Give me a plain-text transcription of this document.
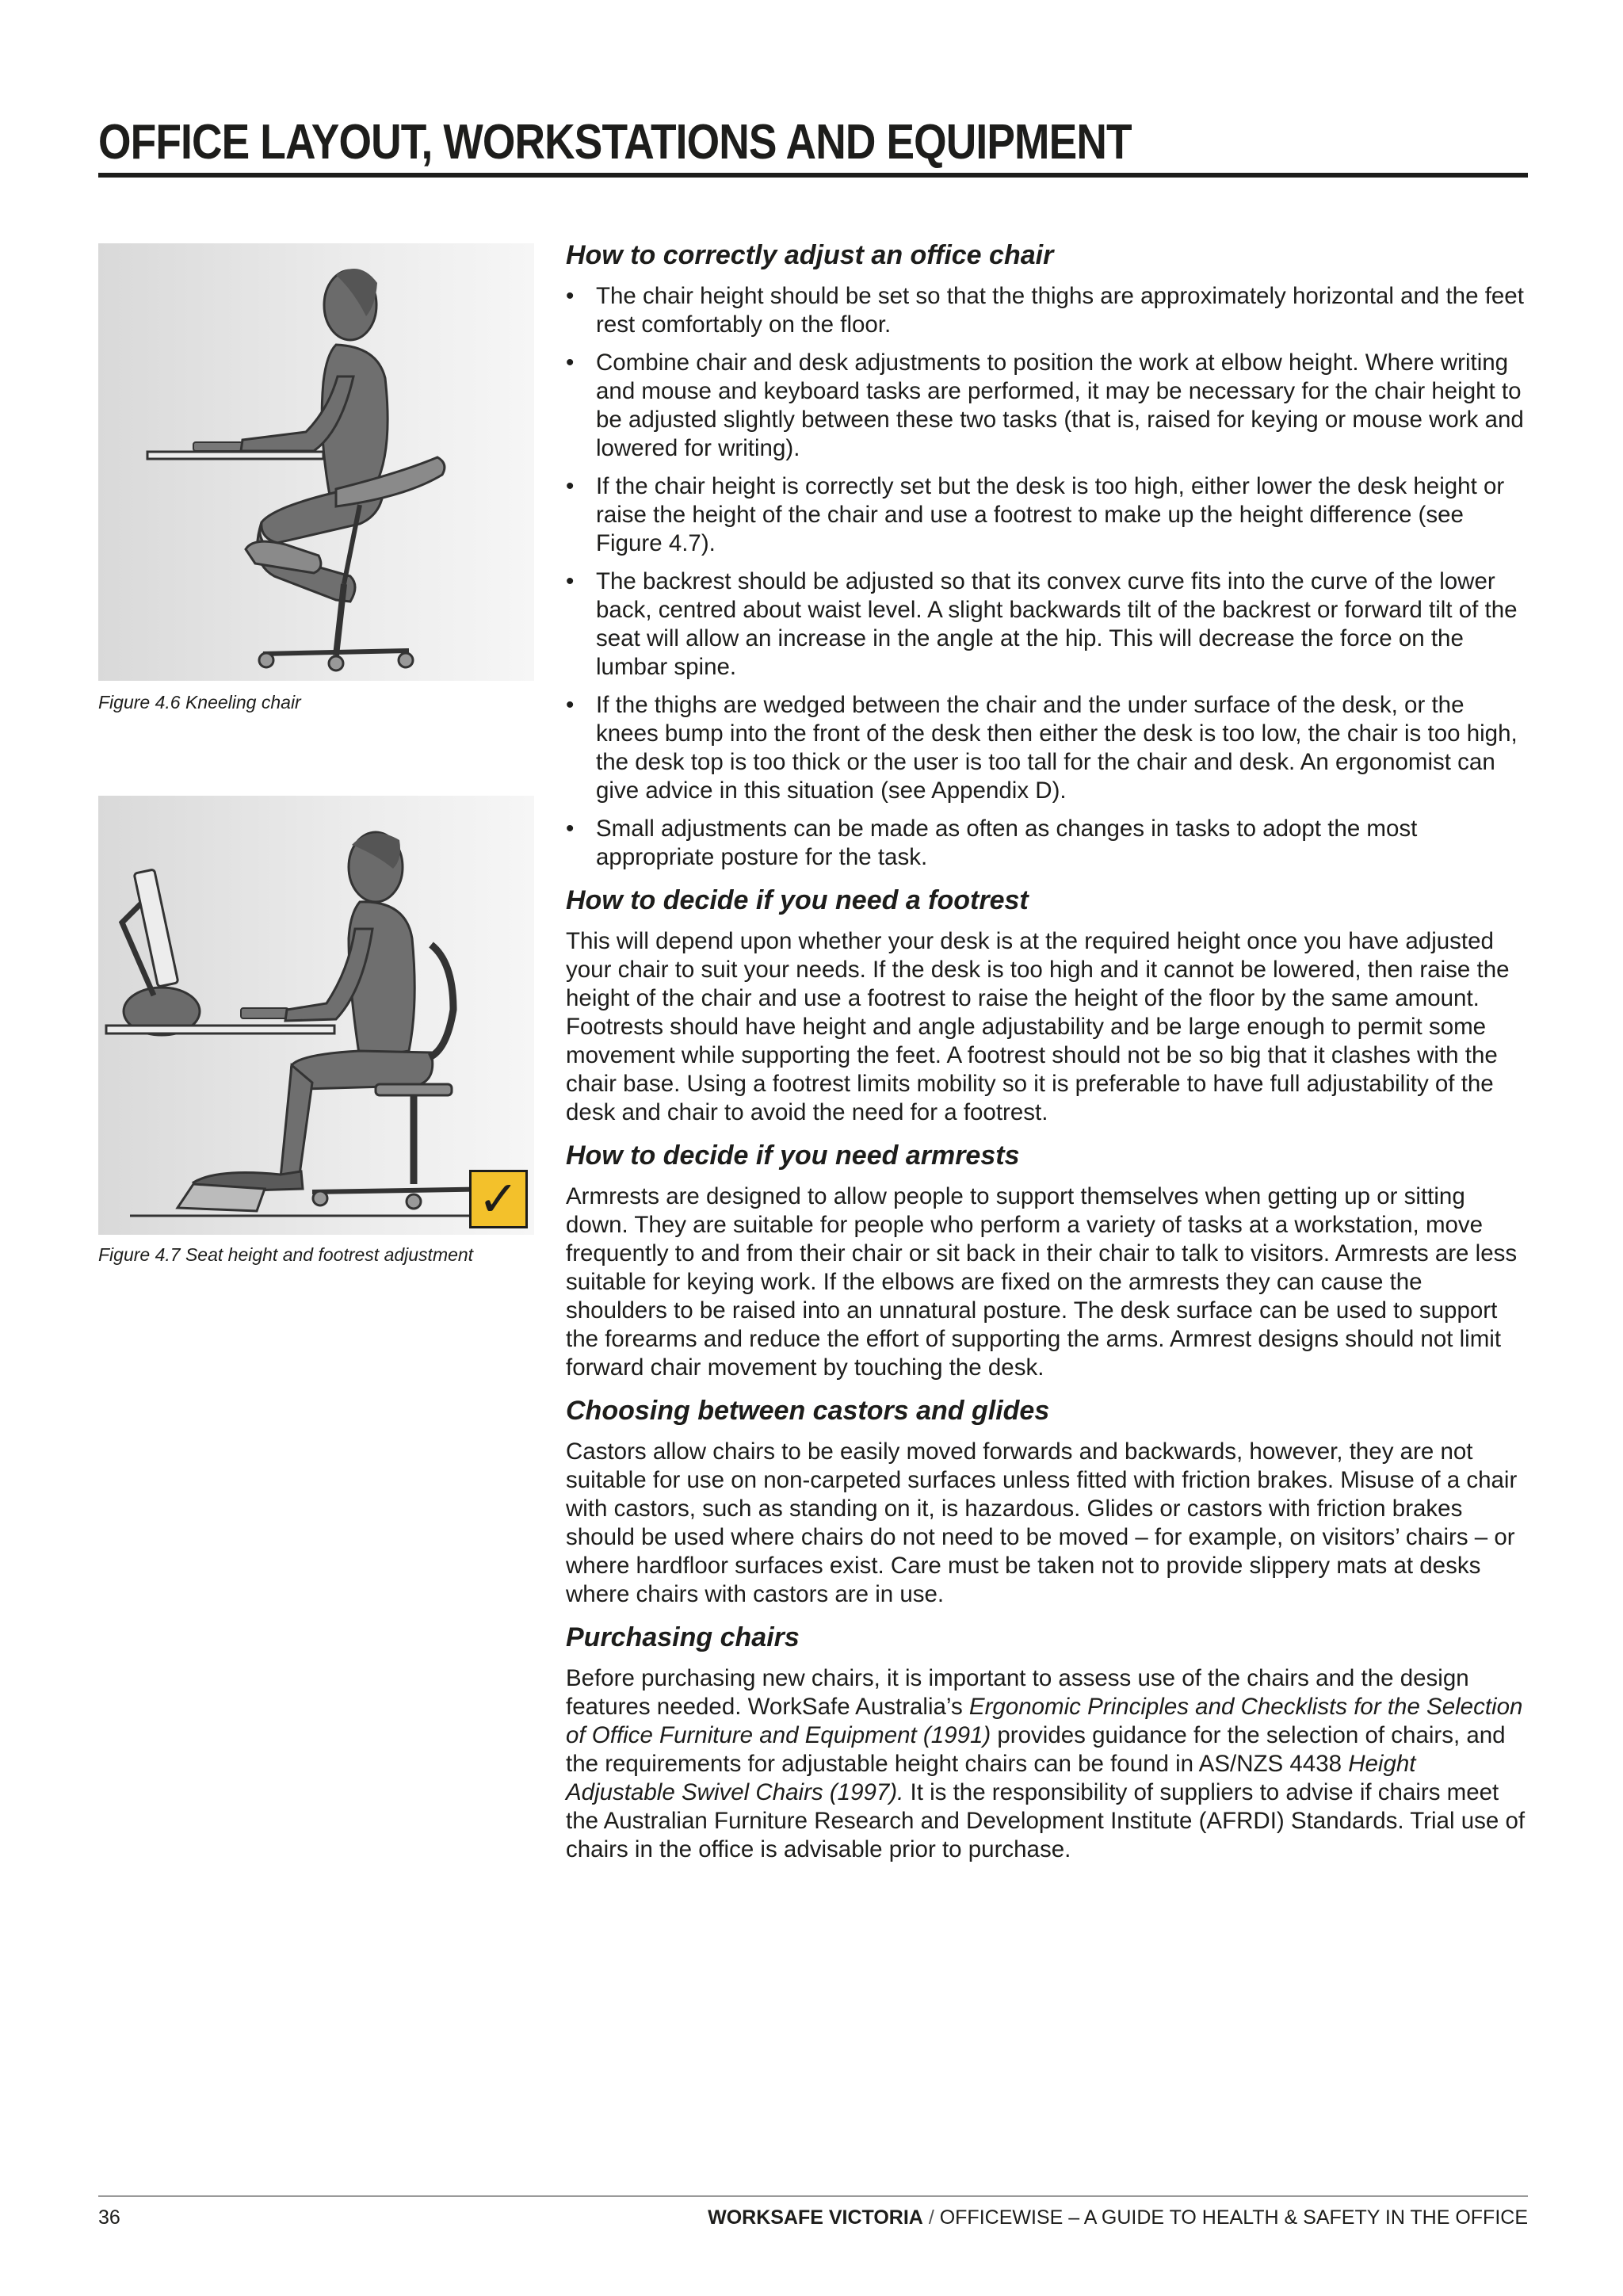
OFFICE LAYOUT, WORKSTATIONS AND EQUIPMENT
Figure 4.6 Kneeling chair
✓
Figure 4.7 Seat height and footrest adjustment
How to correctly adjust an office chair
• The chair height should be set so that the thighs are approximately horizontal and the feet rest comfortably on the floor.
• Combine chair and desk adjustments to position the work at elbow height. Where writing and mouse and keyboard tasks are performed, it may be necessary for the chair height to be adjusted slightly between these two tasks (that is, raised for keying or mouse work and lowered for writing).
• If the chair height is correctly set but the desk is too high, either lower the desk height or raise the height of the chair and use a footrest to make up the height difference (see Figure 4.7).
• The backrest should be adjusted so that its convex curve fits into the curve of the lower back, centred about waist level. A slight backwards tilt of the backrest or forward tilt of the seat will allow an increase in the angle at the hip. This will decrease the force on the lumbar spine.
• If the thighs are wedged between the chair and the under surface of the desk, or the knees bump into the front of the desk then either the desk is too low, the chair is too high, the desk top is too thick or the user is too tall for the chair and desk. An ergonomist can give advice in this situation (see Appendix D).
• Small adjustments can be made as often as changes in tasks to adopt the most appropriate posture for the task.
How to decide if you need a footrest

This will depend upon whether your desk is at the required height once you have adjusted your chair to suit your needs. If the desk is too high and it cannot be lowered, then raise the height of the chair and use a footrest to raise the height of the floor by the same amount. Footrests should have height and angle adjustability and be large enough to permit some movement while supporting the feet. A footrest should not be so big that it clashes with the chair base. Using a footrest limits mobility so it is preferable to have full adjustability of the desk and chair to avoid the need for a footrest.

How to decide if you need armrests

Armrests are designed to allow people to support themselves when getting up or sitting down. They are suitable for people who perform a variety of tasks at a workstation, move frequently to and from their chair or sit back in their chair to talk to visitors. Armrests are less suitable for keying work. If the elbows are fixed on the armrests they can cause the shoulders to be raised into an unnatural posture. The desk surface can be used to support the forearms and reduce the effort of supporting the arms. Armrest designs should not limit forward chair movement by touching the desk.

Choosing between castors and glides

Castors allow chairs to be easily moved forwards and backwards, however, they are not suitable for use on non-carpeted surfaces unless fitted with friction brakes. Misuse of a chair with castors, such as standing on it, is hazardous. Glides or castors with friction brakes should be used where chairs do not need to be moved – for example, on visitors’ chairs – or where hardfloor surfaces exist. Care must be taken not to provide slippery mats at desks where chairs with castors are in use.

Purchasing chairs

Before purchasing new chairs, it is important to assess use of the chairs and the design features needed. WorkSafe Australia’s Ergonomic Principles and Checklists for the Selection of Office Furniture and Equipment (1991) provides guidance for the selection of chairs, and the requirements for adjustable height chairs can be found in AS/NZS 4438 Height Adjustable Swivel Chairs (1997). It is the responsibility of suppliers to advise if chairs meet the Australian Furniture Research and Development Institute (AFRDI) Standards. Trial use of chairs in the office is advisable prior to purchase.

36	WORKSAFE VICTORIA / OFFICEWISE – A GUIDE TO HEALTH & SAFETY IN THE OFFICE
